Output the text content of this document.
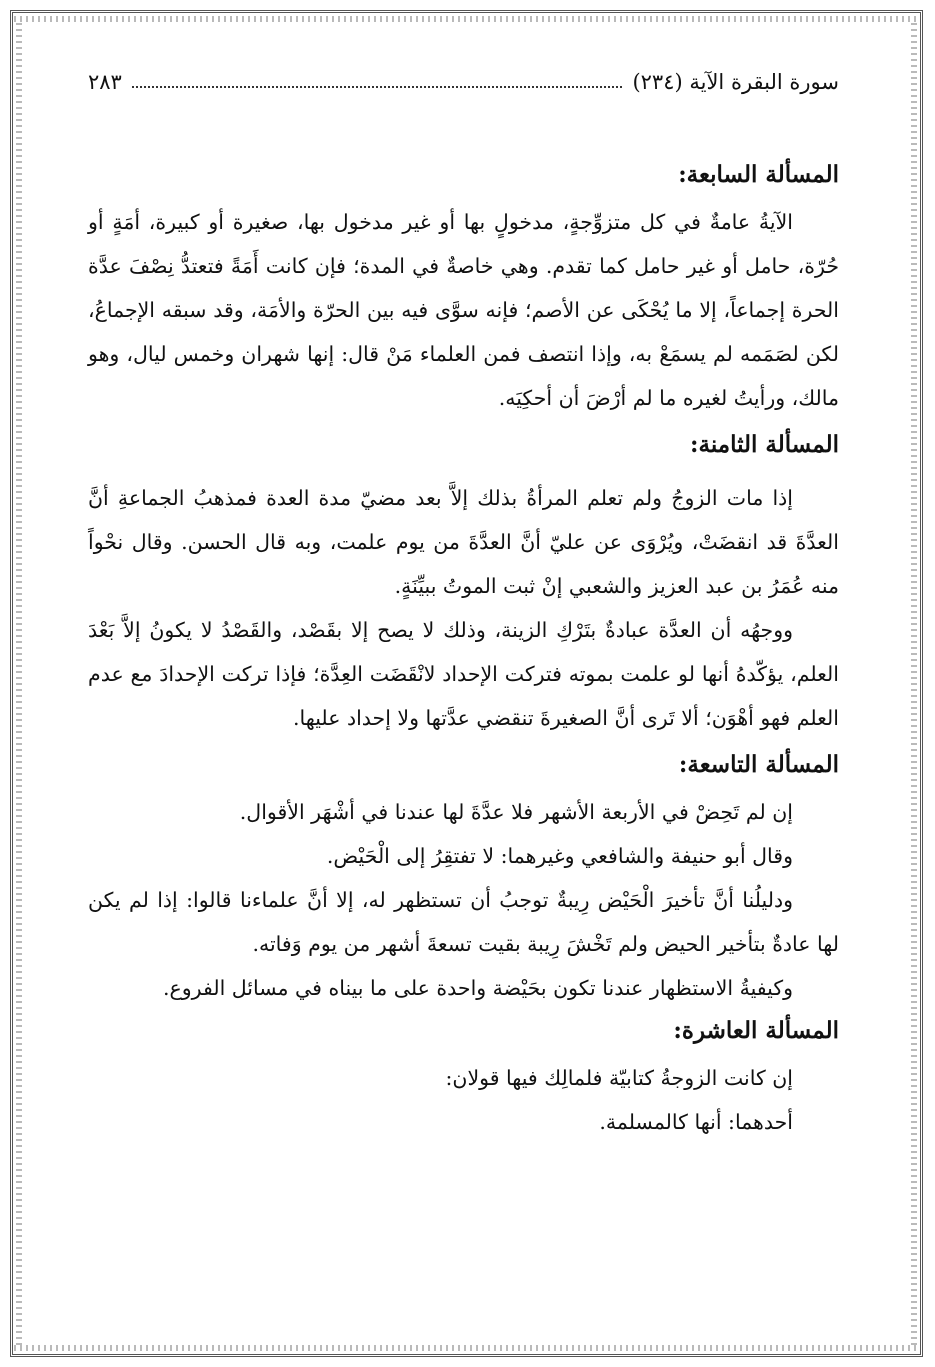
سورة البقرة الآية (٢٣٤)
٢٨٣
المسألة السابعة:

الآيةُ عامةٌ في كل متزوِّجةٍ، مدخولٍ بها أو غير مدخول بها، صغيرة أو كبيرة، أمَةٍ أو حُرّة، حامل أو غير حامل كما تقدم. وهي خاصةٌ في المدة؛ فإن كانت أَمَةً فتعتدُّ نِصْفَ عدَّة الحرة إجماعاً، إلا ما يُحْكَى عن الأصم؛ فإنه سوَّى فيه بين الحرّة والأمَة، وقد سبقه الإجماعُ، لكن لصَمَمه لم يسمَعْ به، وإذا انتصف فمن العلماء مَنْ قال: إنها شهران وخمس ليال، وهو مالك، ورأيتُ لغيره ما لم أرْضَ أن أحكِيَه.

المسألة الثامنة:

إذا مات الزوجُ ولم تعلم المرأةُ بذلك إلاَّ بعد مضيّ مدة العدة فمذهبُ الجماعةِ أنَّ العدَّةَ قد انقضَتْ، ويُرْوَى عن عليّ أنَّ العدَّةَ من يوم علمت، وبه قال الحسن. وقال نحْواً منه عُمَرُ بن عبد العزيز والشعبي إنْ ثبت الموتُ ببيِّنَةٍ.

ووجهُه أن العدَّة عبادةٌ بتَرْكِ الزينة، وذلك لا يصح إلا بقَصْد، والقَصْدُ لا يكونُ إلاَّ بَعْدَ العلم، يؤكّدهُ أنها لو علمت بموته فتركت الإحداد لانْقَضَت العِدَّة؛ فإذا تركت الإحدادَ مع عدم العلم فهو أهْوَن؛ ألا تَرى أنَّ الصغيرةَ تنقضي عدَّتها ولا إحداد عليها.

المسألة التاسعة:

إن لم تَحِضْ في الأربعة الأشهر فلا عدَّةَ لها عندنا في أشْهَر الأقوال.

وقال أبو حنيفة والشافعي وغيرهما: لا تفتقِرُ إلى الْحَيْض.

ودليلُنا أنَّ تأخيرَ الْحَيْض رِيبةٌ توجبُ أن تستظهر له، إلا أنَّ علماءنا قالوا: إذا لم يكن لها عادةٌ بتأخير الحيض ولم تَخْشَ رِيبة بقيت تسعةَ أشهر من يوم وَفاته.

وكيفيةُ الاستظهار عندنا تكون بحَيْضة واحدة على ما بيناه في مسائل الفروع.

المسألة العاشرة:

إن كانت الزوجةُ كتابيّة فلمالِك فيها قولان:

أحدهما: أنها كالمسلمة.
